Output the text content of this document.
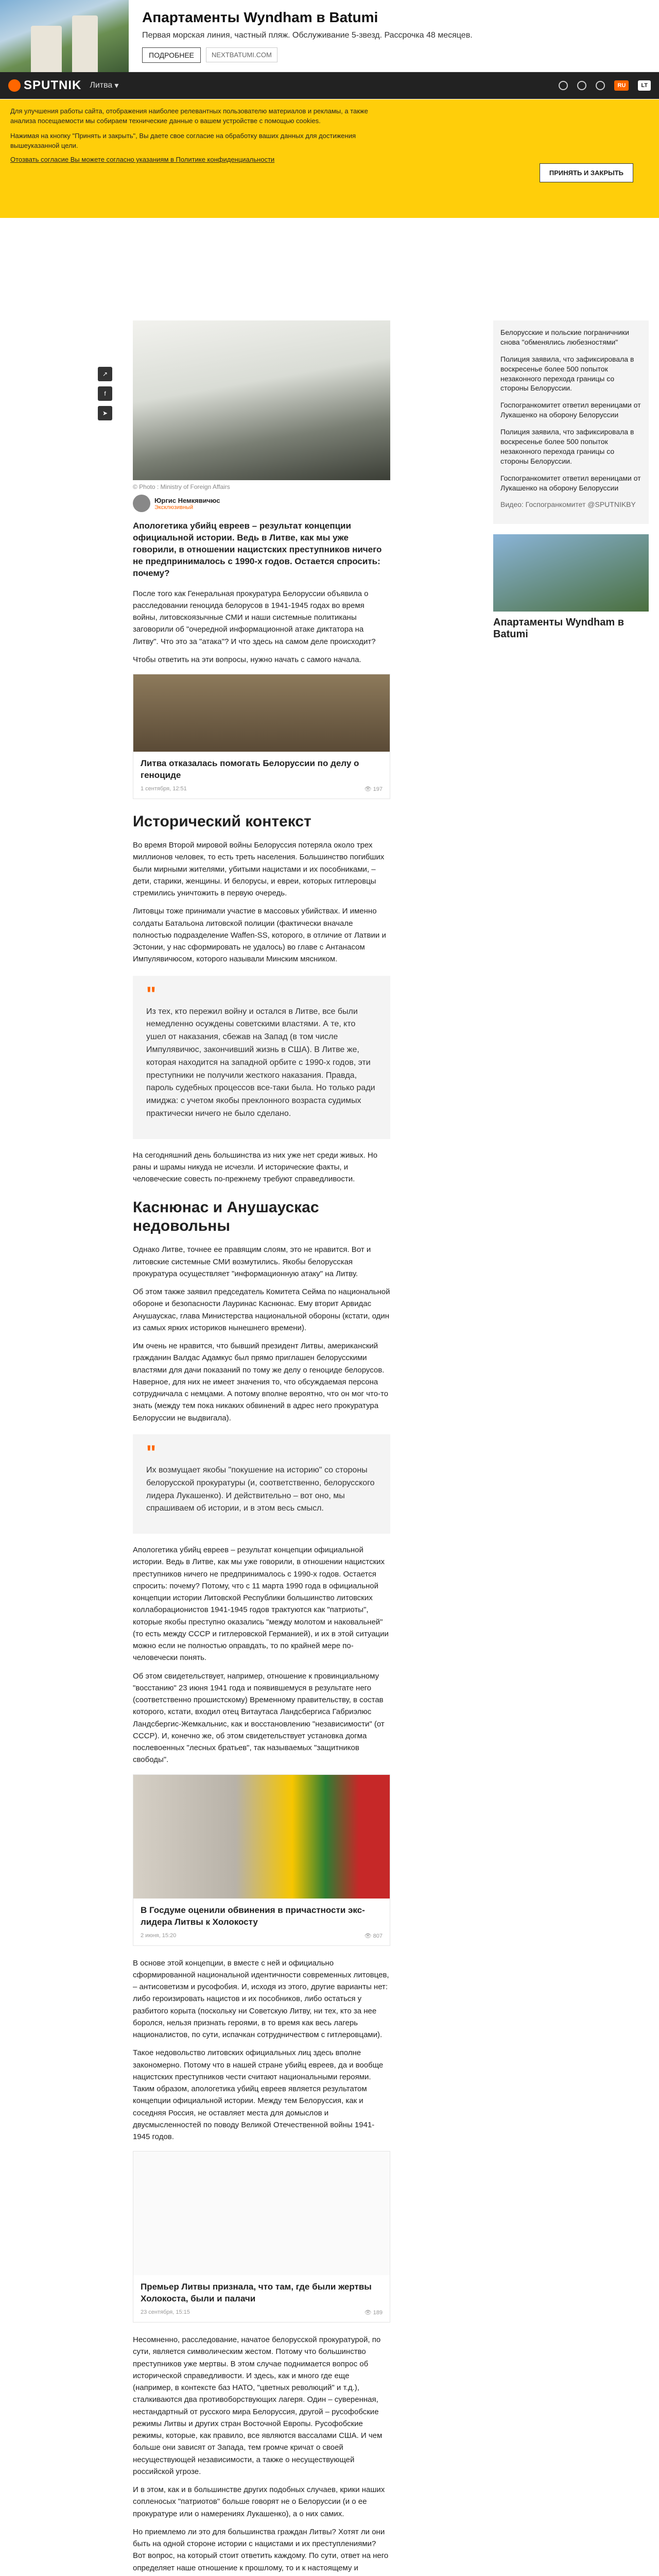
Апартаменты Wyndham в Batumi
Первая морская линия, частный пляж. Обслуживание 5-звезд. Рассрочка 48 месяцев.
ПОДРОБНЕЕ	NEXTBATUMI.COM
SPUTNIK Литва ▾	RU	LT

Для улучшения работы сайта, отображения наиболее релевантных пользователю материалов и рекламы, а также анализа посещаемости мы собираем технические данные о вашем устройстве с помощью cookies.

Нажимая на кнопку "Принять и закрыть", Вы даете свое согласие на обработку ваших данных для достижения вышеуказанной цели.

Отозвать согласие Вы можете согласно указаниям в Политике конфиденциальности
ПРИНЯТЬ И ЗАКРЫТЬ
↗
f
➤
© Photo : Ministry of Foreign Affairs
Юргис Немкявичюс
Эксклюзивный
Апологетика убийц евреев – результат концепции официальной истории. Ведь в Литве, как мы уже говорили, в отношении нацистских преступников ничего не предпринималось с 1990-х годов. Остается спросить: почему?

После того как Генеральная прокуратура Белоруссии объявила о расследовании геноцида белорусов в 1941-1945 годах во время войны, литовскоязычные СМИ и наши системные политиканы заговорили об "очередной информационной атаке диктатора на Литву". Что это за "атака"? И что здесь на самом деле происходит?

Чтобы ответить на эти вопросы, нужно начать с самого начала.

Литва отказалась помогать Белоруссии по делу о геноциде
1 сентября, 12:51	👁 197
Исторический контекст

Во время Второй мировой войны Белоруссия потеряла около трех миллионов человек, то есть треть населения. Большинство погибших были мирными жителями, убитыми нацистами и их пособниками, – дети, старики, женщины. И белорусы, и евреи, которых гитлеровцы стремились уничтожить в первую очередь.

Литовцы тоже принимали участие в массовых убийствах. И именно солдаты Батальона литовской полиции (фактически вначале полностью подразделение Waffen-SS, которого, в отличие от Латвии и Эстонии, у нас сформировать не удалось) во главе с Антанасом Импулявичюсом, которого называли Минским мясником.

"
Из тех, кто пережил войну и остался в Литве, все были немедленно осуждены советскими властями. А те, кто ушел от наказания, сбежав на Запад (в том числе Импулявичюс, закончивший жизнь в США). В Литве же, которая находится на западной орбите с 1990-х годов, эти преступники не получили жесткого наказания. Правда, пароль судебных процессов все-таки была. Но только ради имиджа: с учетом якобы преклонного возраста судимых практически ничего не было сделано.

На сегодняшний день большинства из них уже нет среди живых. Но раны и шрамы никуда не исчезли. И исторические факты, и человеческие совесть по-прежнему требуют справедливости.

Каснюнас и Анушаускас недовольны

Однако Литве, точнее ее правящим слоям, это не нравится. Вот и литовские системные СМИ возмутились. Якобы белорусская прокуратура осуществляет "информационную атаку" на Литву.

Об этом также заявил председатель Комитета Сейма по национальной обороне и безопасности Лауринас Каснюнас. Ему вторит Арвидас Анушаускас, глава Министерства национальной обороны (кстати, один из самых ярких историков нынешнего времени).

Им очень не нравится, что бывший президент Литвы, американский гражданин Валдас Адамкус был прямо приглашен белорусскими властями для дачи показаний по тому же делу о геноциде белорусов. Наверное, для них не имеет значения то, что обсуждаемая персона сотрудничала с немцами. А потому вполне вероятно, что он мог что-то знать (между тем пока никаких обвинений в адрес него прокуратура Белоруссии не выдвигала).

"
Их возмущает якобы "покушение на историю" со стороны белорусской прокуратуры (и, соответственно, белорусского лидера Лукашенко). И действительно – вот оно, мы спрашиваем об истории, и в этом весь смысл.

Апологетика убийц евреев – результат концепции официальной истории. Ведь в Литве, как мы уже говорили, в отношении нацистских преступников ничего не предпринималось с 1990-х годов. Остается спросить: почему? Потому, что с 11 марта 1990 года в официальной концепции истории Литовской Республики большинство литовских коллаборационистов 1941-1945 годов трактуются как "патриоты", которые якобы преступно оказались "между молотом и наковальней" (то есть между СССР и гитлеровской Германией), и их в этой ситуации можно если не полностью оправдать, то по крайней мере по-человечески понять.

Об этом свидетельствует, например, отношение к провинциальному "восстанию" 23 июня 1941 года и появившемуся в результате него (соответственно прошистскому) Временному правительству, в состав которого, кстати, входил отец Витаутаса Ландсбергиса Габриэлюс Ландсбергис-Жемкальнис, как и восстановлению "независимости" (от СССР). И, конечно же, об этом свидетельствует установка догма послевоенных "лесных братьев", так называемых "защитников свободы".

В Госдуме оценили обвинения в причастности экс-лидера Литвы к Холокосту
2 июня, 15:20	👁 807

В основе этой концепции, в вместе с ней и официально сформированной национальной идентичности современных литовцев, – антисоветизм и русофобия. И, исходя из этого, другие варианты нет: либо героизировать нацистов и их пособников, либо остаться у разбитого корыта (поскольку ни Советскую Литву, ни тех, кто за нее боролся, нельзя признать героями, в то время как весь лагерь националистов, по сути, испачкан сотрудничеством с гитлеровцами).

Такое недовольство литовских официальных лиц здесь вполне закономерно. Потому что в нашей стране убийц евреев, да и вообще нацистских преступников чести считают национальными героями. Таким образом, апологетика убийц евреев является результатом концепции официальной истории. Между тем Белоруссия, как и соседняя Россия, не оставляет места для домыслов и двусмысленностей по поводу Великой Отечественной войны 1941-1945 годов.

Премьер Литвы признала, что там, где были жертвы Холокоста, были и палачи
23 сентября, 15:15	👁 189

Несомненно, расследование, начатое белорусской прокуратурой, по сути, является символическим жестом. Потому что большинство преступников уже мертвы. В этом случае поднимается вопрос об исторической справедливости. И здесь, как и много где еще (например, в контексте баз НАТО, "цветных революций" и т.д.), сталкиваются два противоборствующих лагеря. Один – суверенная, нестандартный от русского мира Белоруссия, другой – русофобские режимы Литвы и других стран Восточной Европы. Русофобские режимы, которые, как правило, все являются вассалами США. И чем больше они зависят от Запада, тем громче кричат о своей несуществующей независимости, а также о несуществующей российской угрозе.

И в этом, как и в большинстве других подобных случаев, крики наших сопленосых "патриотов" больше говорят не о Белоруссии (и о ее прокуратуре или о намерениях Лукашенко), а о них самих.

Но приемлемо ли это для большинства граждан Литвы? Хотят ли они быть на одной стороне истории с нацистами и их преступлениями? Вот вопрос, на который стоит ответить каждому. По сути, ответ на него определяет наше отношение к прошлому, то и к настоящему и

Белорусские и польские пограничники снова "обменялись любезностями"
Полиция заявила, что зафиксировала в воскресенье более 500 попыток незаконного перехода границы со стороны Белоруссии.
Госпогранкомитет ответил вереницами от Лукашенко на оборону Белоруссии
Полиция заявила, что зафиксировала в воскресенье более 500 попыток незаконного перехода границы со стороны Белоруссии.
Госпогранкомитет ответил вереницами от Лукашенко на оборону Белоруссии
Видео: Госпогранкомитет @SPUTNIKBY
Апартаменты Wyndham в Batumi
